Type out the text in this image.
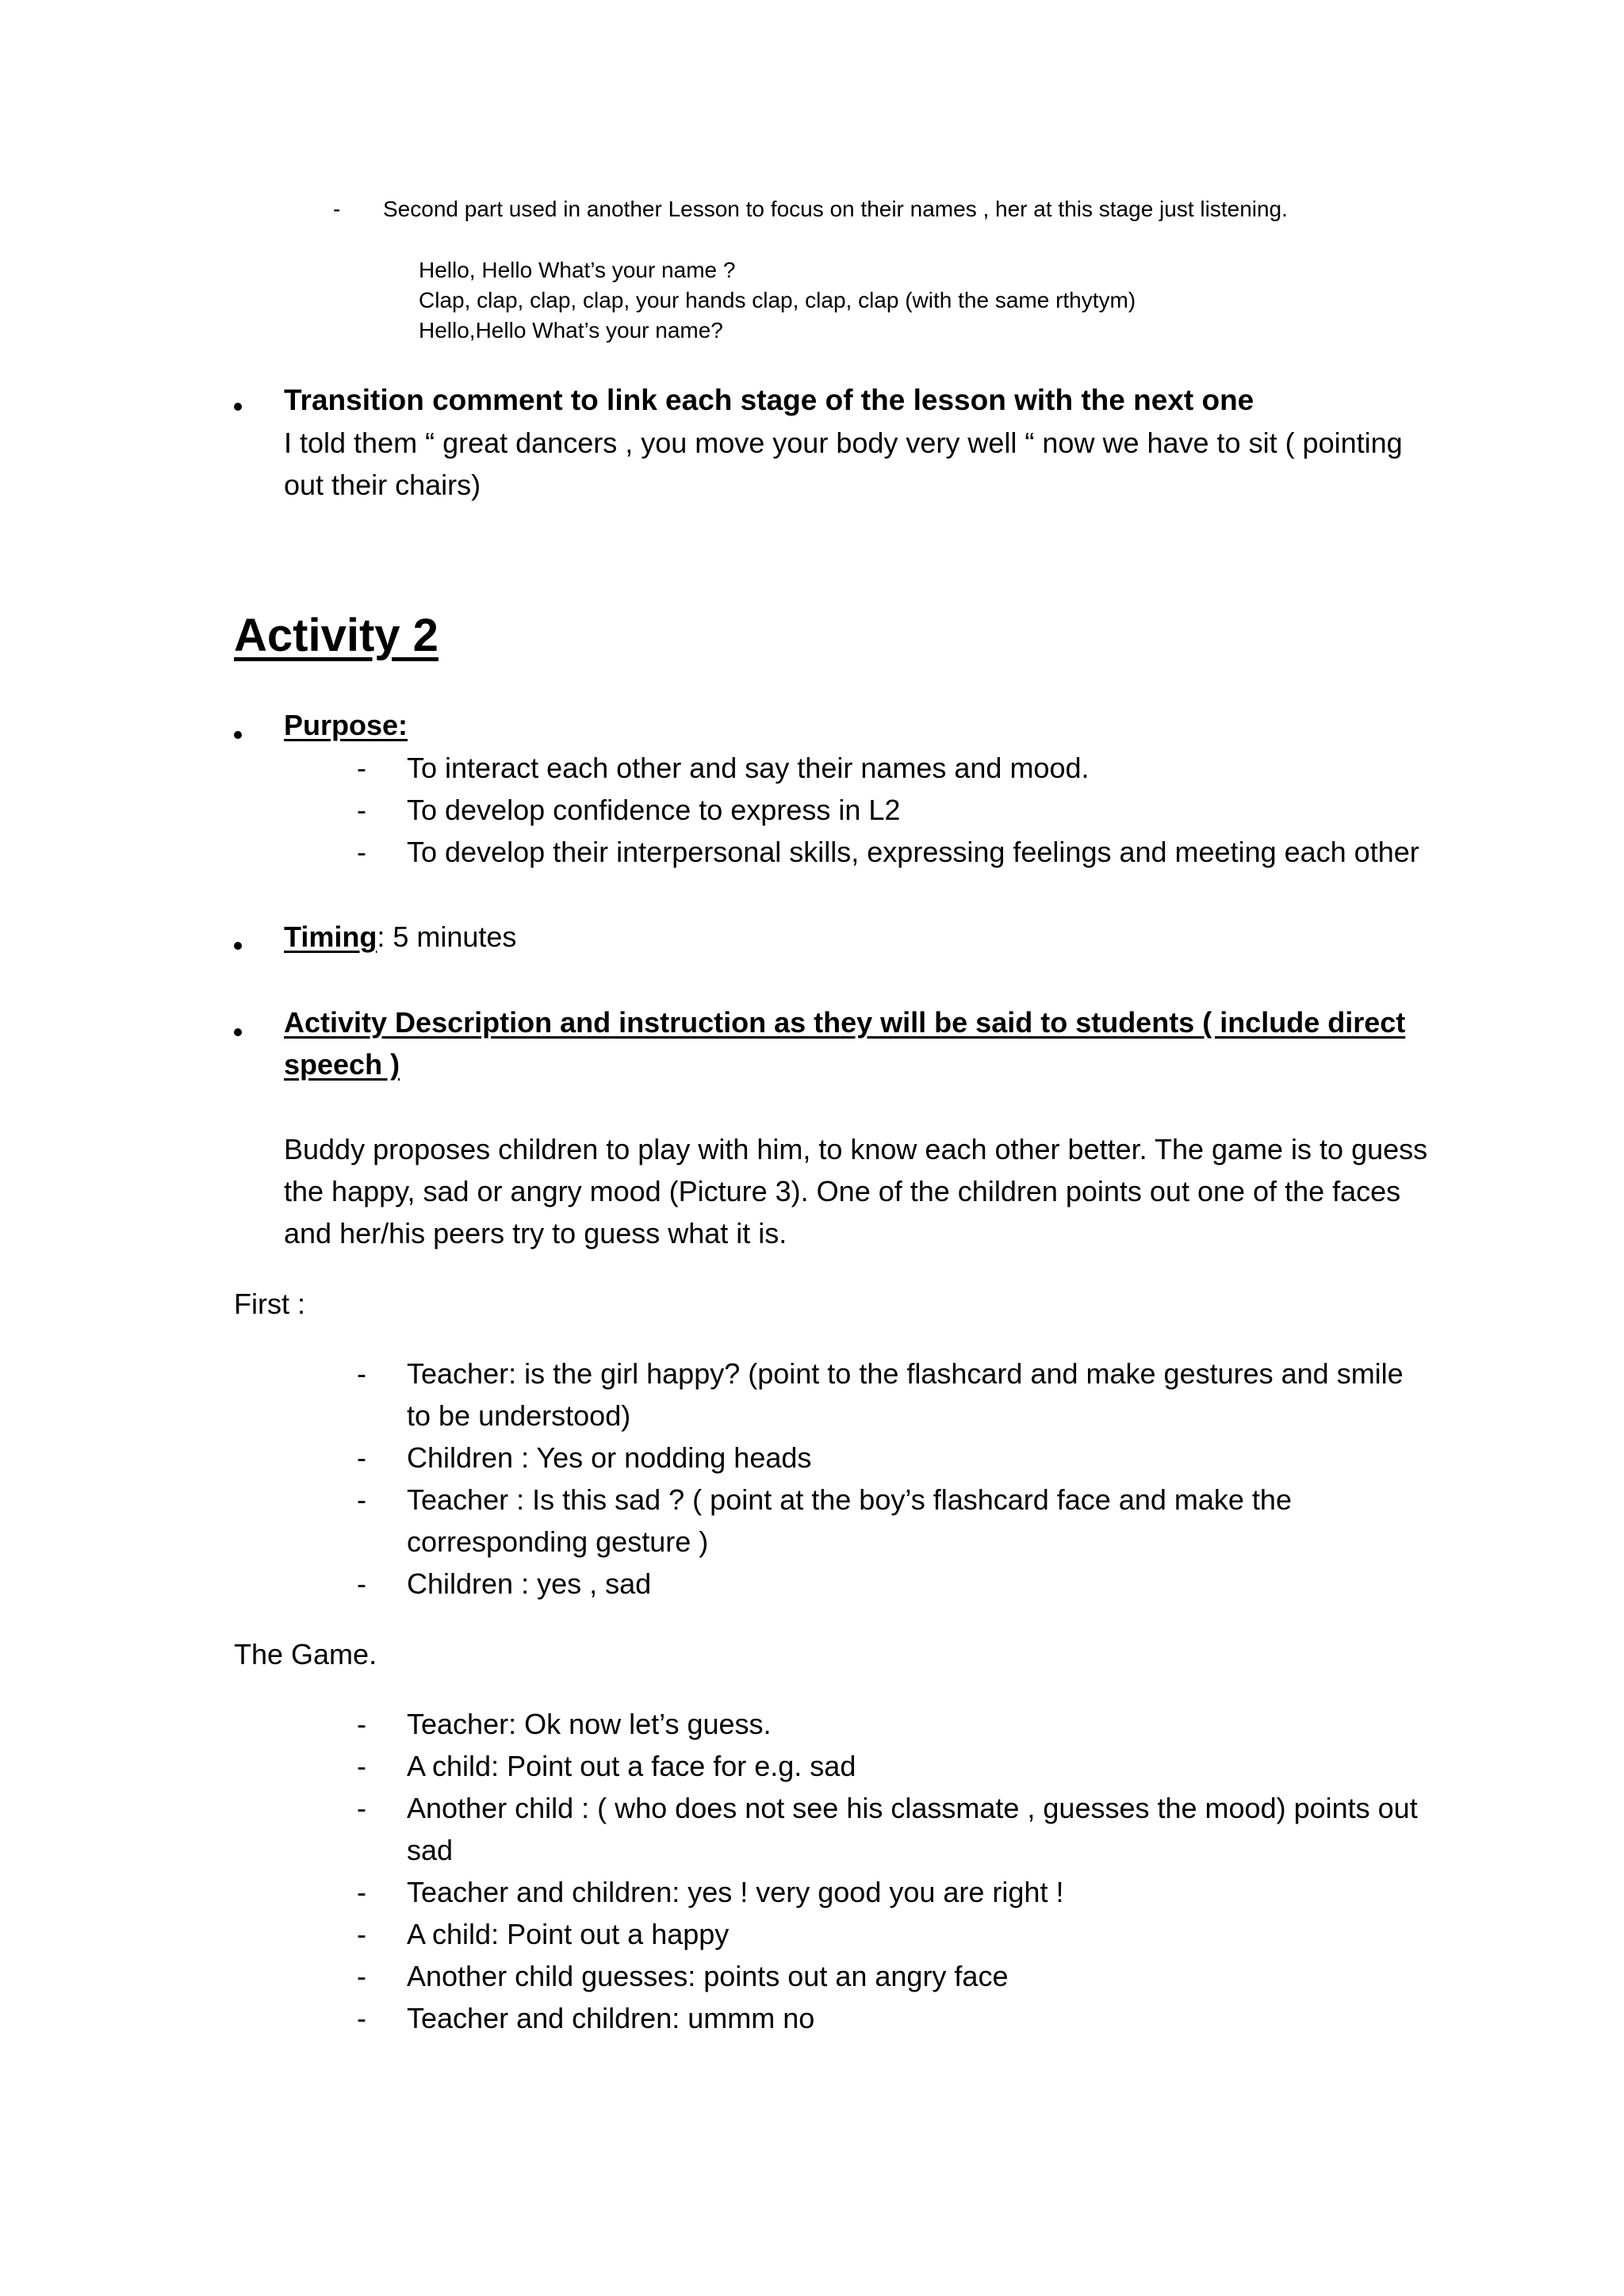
- Second part used in another Lesson to focus on their names , her at this stage just listening.
Hello, Hello What’s your name ?
Clap, clap, clap, clap, your hands clap, clap, clap (with the same rthytym)
Hello,Hello What’s your name?
Transition comment to link each stage of the lesson with the next one
I told them “ great dancers , you move your body very well “ now we have to sit ( pointing
out their chairs)
Activity 2
Purpose:
- To interact each other and say their names and mood.
- To develop confidence to express in L2
- To develop their interpersonal skills, expressing feelings and meeting each other
Timing: 5 minutes
Activity Description and instruction as they will be said to students ( include direct
speech )
Buddy proposes children to play with him, to know each other better. The game is to guess
the happy, sad or angry mood (Picture 3). One of the children points out one of the faces
and her/his peers try to guess what it is.
First :
- Teacher: is the girl happy? (point to the flashcard and make gestures and smile
to be understood)
- Children : Yes or nodding heads
- Teacher : Is this sad ? ( point at the boy’s flashcard face and make the
corresponding gesture )
- Children : yes , sad
The Game.
- Teacher: Ok now let’s guess.
- A child: Point out a face for e.g. sad
- Another child : ( who does not see his classmate , guesses the mood) points out
sad
- Teacher and children: yes ! very good you are right !
- A child: Point out a happy
- Another child guesses: points out an angry face
- Teacher and children: ummm no
